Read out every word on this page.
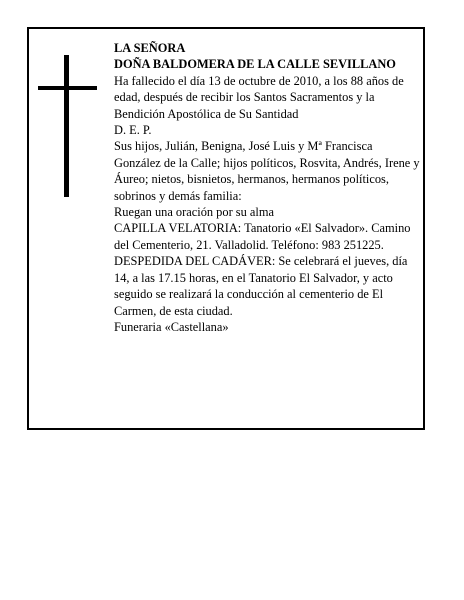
LA SEÑORA

DOÑA BALDOMERA DE LA CALLE SEVILLANO

Ha fallecido el día 13 de octubre de 2010, a los 88 años de edad, después de recibir los Santos Sacramentos y la Bendición Apostólica de Su Santidad

D. E. P.

Sus hijos, Julián, Benigna, José Luis y Mª Francisca González de la Calle; hijos políticos, Rosvita, Andrés, Irene y Áureo; nietos, bisnietos, hermanos, hermanos políticos, sobrinos y demás familia:

Ruegan una oración por su alma

CAPILLA VELATORIA: Tanatorio «El Salvador». Camino del Cementerio, 21. Valladolid. Teléfono: 983 251225.

DESPEDIDA DEL CADÁVER: Se celebrará el jueves, día 14, a las 17.15 horas, en el Tanatorio El Salvador, y acto seguido se realizará la conducción al cementerio de El Carmen, de esta ciudad.

Funeraria «Castellana»
